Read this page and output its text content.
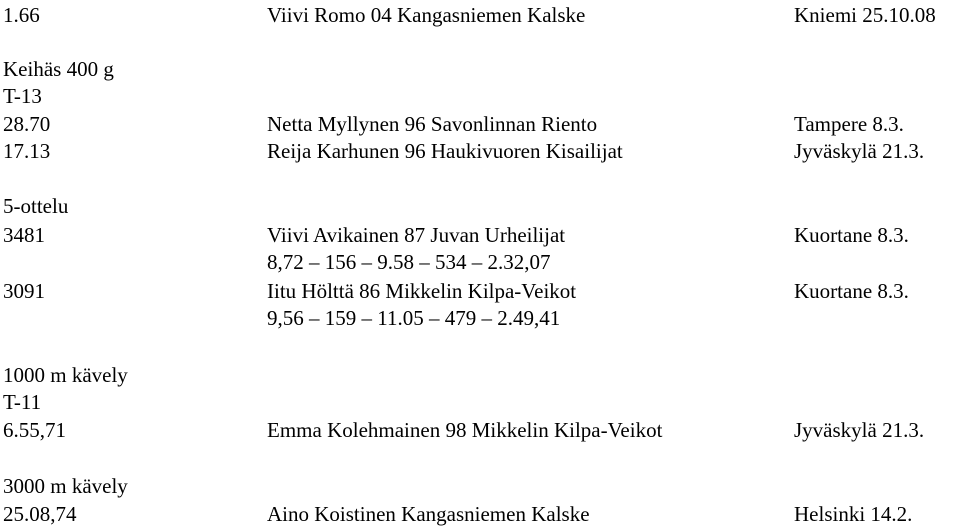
1.66	Viivi Romo 04 Kangasniemen Kalske	Kniemi 25.10.08
Keihäs 400 g
T-13
28.70	Netta Myllynen 96 Savonlinnan Riento	Tampere 8.3.
17.13	Reija Karhunen 96 Haukivuoren Kisailijat	Jyväskylä 21.3.
5-ottelu
3481	Viivi Avikainen 87 Juvan Urheilijat	Kuortane 8.3.
8,72 – 156 – 9.58 – 534 – 2.32,07
3091	Iitu Hölttä 86 Mikkelin Kilpa-Veikot	Kuortane 8.3.
9,56 – 159 – 11.05 – 479 – 2.49,41
1000 m kävely
T-11
6.55,71	Emma Kolehmainen 98 Mikkelin Kilpa-Veikot	Jyväskylä 21.3.
3000 m kävely
25.08,74	Aino Koistinen Kangasniemen Kalske	Helsinki 14.2.
